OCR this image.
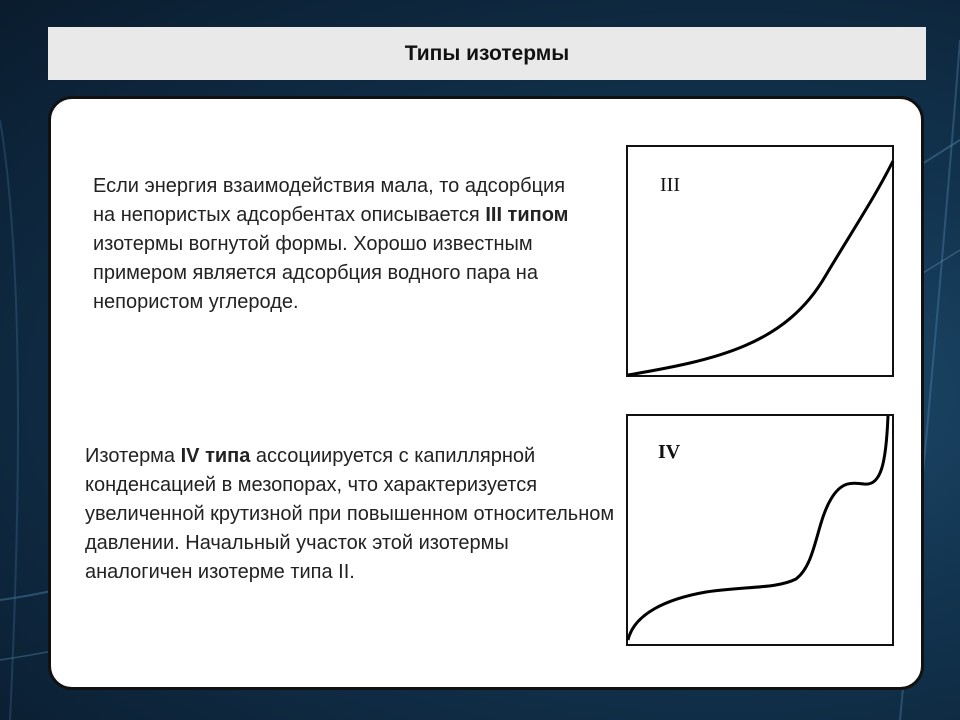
Типы изотермы
Если энергия взаимодействия мала, то адсорбция на непористых адсорбентах описывается III типом изотермы вогнутой формы. Хорошо известным примером является адсорбция водного пара на непористом углероде.
Изотерма IV типа ассоциируется с капиллярной конденсацией в мезопорах, что характеризуется увеличенной крутизной при повышенном относительном давлении. Начальный участок этой изотермы аналогичен изотерме типа II.
III
IV
